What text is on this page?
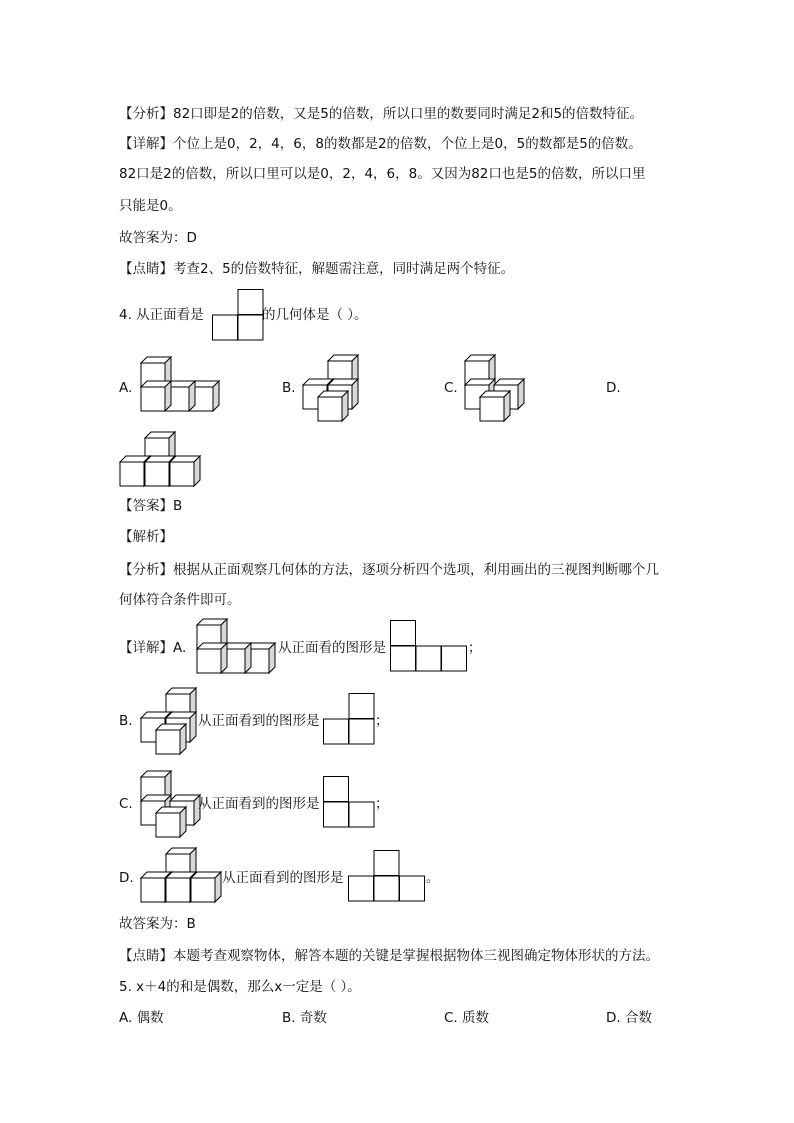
【分析】82口即是2的倍数，又是5的倍数，所以口里的数要同时满足2和5的倍数特征。
【详解】个位上是0，2，4，6，8的数都是2的倍数，个位上是0，5的数都是5的倍数。
82口是2的倍数，所以口里可以是0，2，4，6，8。又因为82口也是5的倍数，所以口里
只能是0。
故答案为：D
【点睛】考查2、5的倍数特征，解题需注意，同时满足两个特征。
4. 从正面看是	的几何体是（ ）。
A.	B.	C.	D.
【答案】B
【解析】
【分析】根据从正面观察几何体的方法，逐项分析四个选项，利用画出的三视图判断哪个几
何体符合条件即可。
【详解】A.	从正面看的图形是	；
B.	从正面看到的图形是	；
C.	从正面看到的图形是	；
D.	从正面看到的图形是	。
故答案为：B
【点睛】本题考查观察物体，解答本题的关键是掌握根据物体三视图确定物体形状的方法。
5. x＋4的和是偶数，那么x一定是（ ）。
A. 偶数	B. 奇数	C. 质数	D. 合数
